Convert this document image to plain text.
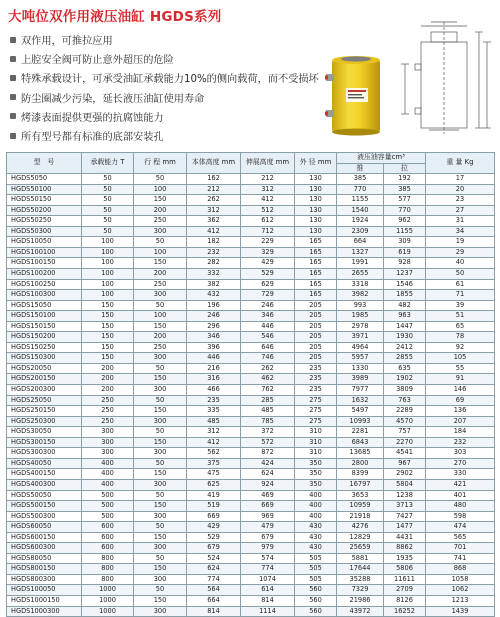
大吨位双作用液压油缸 HGDS系列
双作用，可推拉应用
上腔安全阀可防止意外超压的危险
特殊承载设计，可承受油缸承载能力10%的侧向载荷，而不受损坏
防尘圈减少污染，延长液压油缸使用寿命
烤漆表面提供更强的抗腐蚀能力
所有型号都有标准的底部安装孔
型　号	承载能力 T	行 程 mm	本体高度 mm	伸展高度 mm	外 径 mm	液压油容量cm³		重 量 Kg
						推	拉	
HGDS5050	50	50	162	212	130	385	192	17
HGDS50100	50	100	212	312	130	770	385	20
HGDS50150	50	150	262	412	130	1155	577	23
HGDS50200	50	200	312	512	130	1540	770	27
HGDS50250	50	250	362	612	130	1924	962	31
HGDS50300	50	300	412	712	130	2309	1155	34
HGDS10050	100	50	182	229	165	664	309	19
HGDS100100	100	100	232	329	165	1327	619	29
HGDS100150	100	150	282	429	165	1991	928	40
HGDS100200	100	200	332	529	165	2655	1237	50
HGDS100250	100	250	382	629	165	3318	1546	61
HGDS100300	100	300	432	729	165	3982	1855	71
HGDS15050	150	50	196	246	205	993	482	39
HGDS150100	150	100	246	346	205	1985	963	51
HGDS150150	150	150	296	446	205	2978	1447	65
HGDS150200	150	200	346	546	205	3971	1930	78
HGDS150250	150	250	396	646	205	4964	2412	92
HGDS150300	150	300	446	746	205	5957	2855	105
HGDS20050	200	50	216	262	235	1330	635	55
HGDS200150	200	150	316	462	235	3989	1902	91
HGDS200300	200	300	466	762	235	7977	3809	146
HGDS25050	250	50	235	285	275	1632	763	69
HGDS250150	250	150	335	485	275	5497	2289	136
HGDS250300	250	300	485	785	275	10993	4570	207
HGDS30050	300	50	312	372	310	2281	757	184
HGDS300150	300	150	412	572	310	6843	2270	232
HGDS300300	300	300	562	872	310	13685	4541	303
HGDS40050	400	50	375	424	350	2800	967	270
HGDS400150	400	150	475	624	350	8399	2902	330
HGDS400300	400	300	625	924	350	16797	5804	421
HGDS50050	500	50	419	469	400	3653	1238	401
HGDS500150	500	150	519	669	400	10959	3713	480
HGDS500300	500	300	669	969	400	21918	7427	598
HGDS60050	600	50	429	479	430	4276	1477	474
HGDS600150	600	150	529	679	430	12829	4431	565
HGDS600300	600	300	679	979	430	25659	8862	701
HGDS80050	800	50	524	574	505	5881	1935	741
HGDS800150	800	150	624	774	505	17644	5806	868
HGDS800300	800	300	774	1074	505	35288	11611	1058
HGDS100050	1000	50	564	614	560	7329	2709	1062
HGDS1000150	1000	150	664	814	560	21986	8126	1213
HGDS1000300	1000	300	814	1114	560	43972	16252	1439
